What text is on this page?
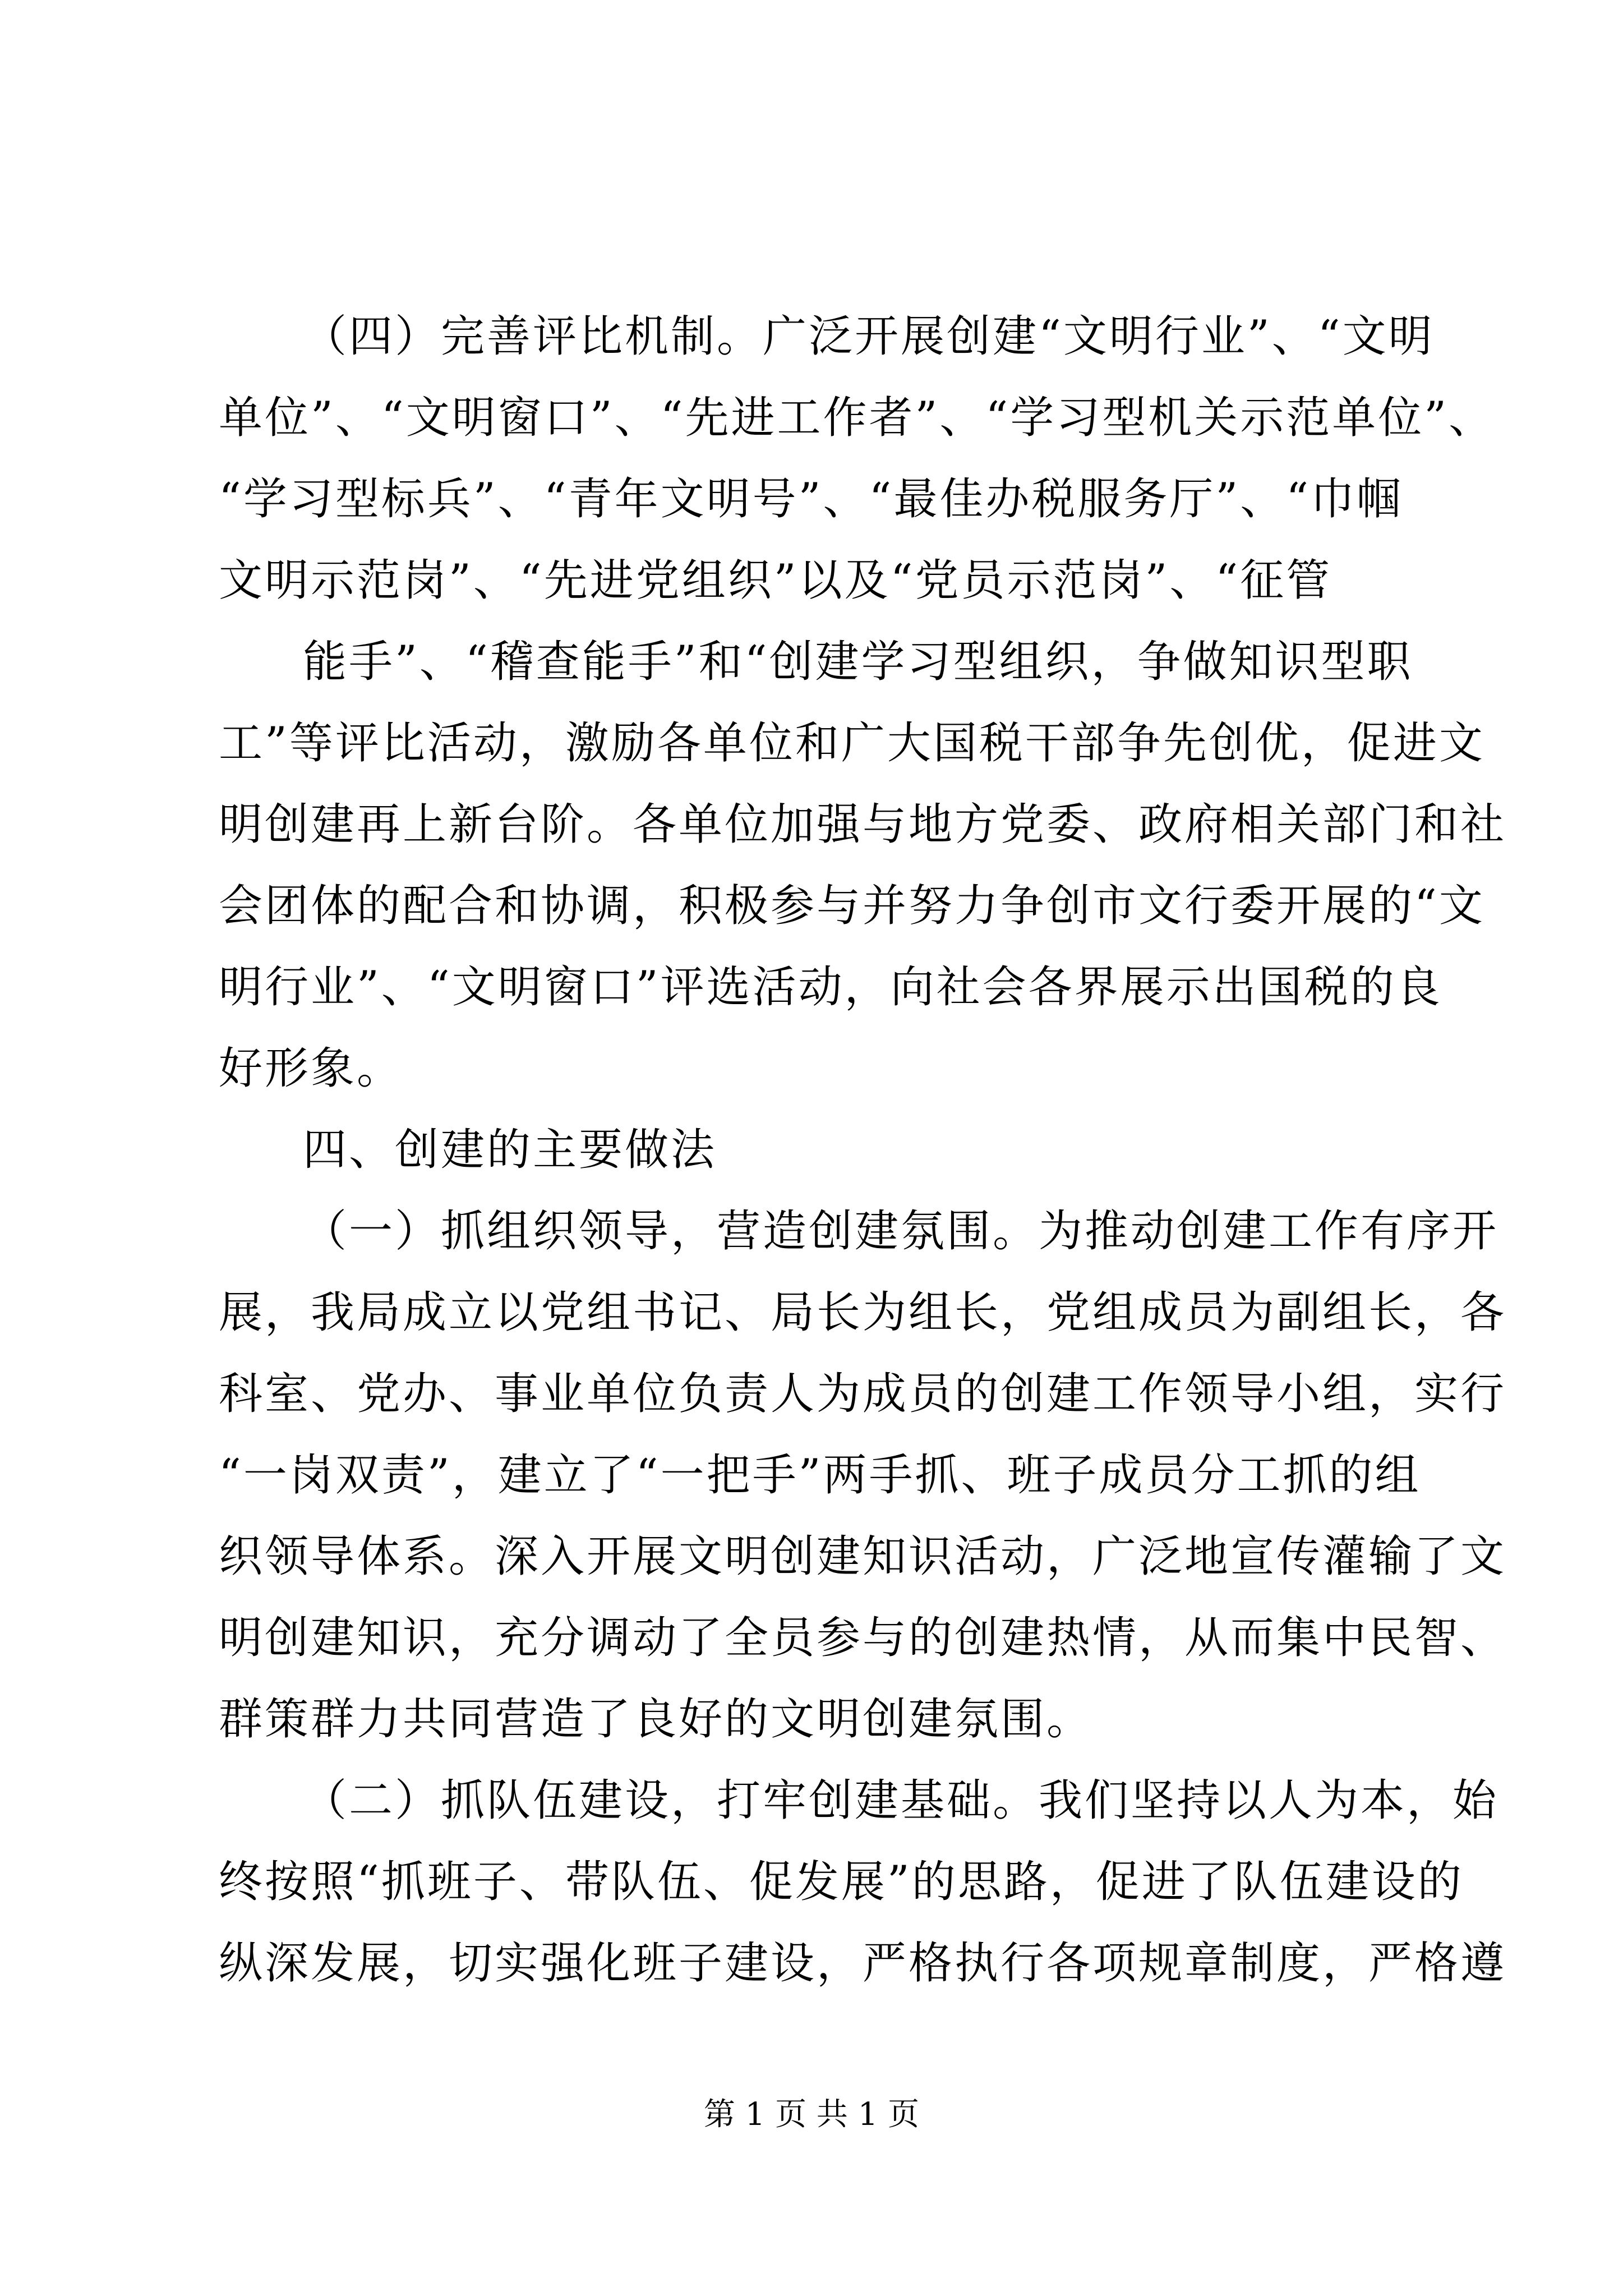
（四）完善评比机制。广泛开展创建“文明行业”、“文明
单位”、“文明窗口”、“先进工作者”、“学习型机关示范单位”、
“学习型标兵”、“青年文明号”、“最佳办税服务厅”、“巾帼
文明示范岗”、“先进党组织”以及“党员示范岗”、“征管
能手”、“稽查能手”和“创建学习型组织，争做知识型职
工”等评比活动，激励各单位和广大国税干部争先创优，促进文
明创建再上新台阶。各单位加强与地方党委、政府相关部门和社
会团体的配合和协调，积极参与并努力争创市文行委开展的“文
明行业”、“文明窗口”评选活动，向社会各界展示出国税的良
好形象。
四、创建的主要做法
（一）抓组织领导，营造创建氛围。为推动创建工作有序开
展，我局成立以党组书记、局长为组长，党组成员为副组长，各
科室、党办、事业单位负责人为成员的创建工作领导小组，实行
“一岗双责”，建立了“一把手”两手抓、班子成员分工抓的组
织领导体系。深入开展文明创建知识活动，广泛地宣传灌输了文
明创建知识，充分调动了全员参与的创建热情，从而集中民智、
群策群力共同营造了良好的文明创建氛围。
（二）抓队伍建设，打牢创建基础。我们坚持以人为本，始
终按照“抓班子、带队伍、促发展”的思路，促进了队伍建设的
纵深发展，切实强化班子建设，严格执行各项规章制度，严格遵
第 1 页 共 1 页
